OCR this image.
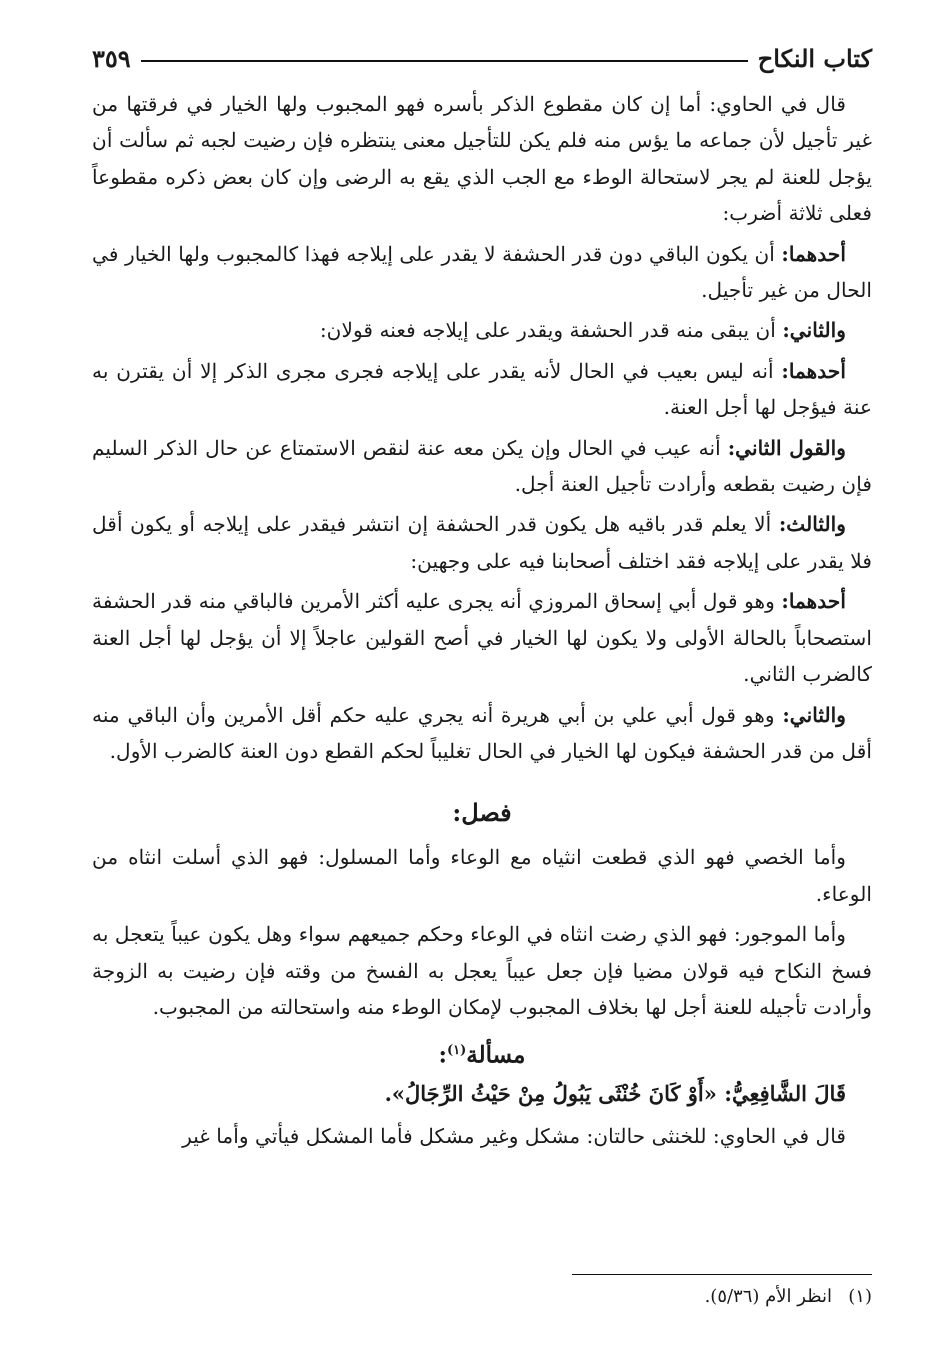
كتاب النكاح
٣٥٩

قال في الحاوي: أما إن كان مقطوع الذكر بأسره فهو المجبوب ولها الخيار في فرقتها من غير تأجيل لأن جماعه ما يؤس منه فلم يكن للتأجيل معنى ينتظره فإن رضيت لجبه ثم سألت أن يؤجل للعنة لم يجر لاستحالة الوطء مع الجب الذي يقع به الرضى وإن كان بعض ذكره مقطوعاً فعلى ثلاثة أضرب:

أحدهما: أن يكون الباقي دون قدر الحشفة لا يقدر على إيلاجه فهذا كالمجبوب ولها الخيار في الحال من غير تأجيل.

والثاني: أن يبقى منه قدر الحشفة ويقدر على إيلاجه فعنه قولان:

أحدهما: أنه ليس بعيب في الحال لأنه يقدر على إيلاجه فجرى مجرى الذكر إلا أن يقترن به عنة فيؤجل لها أجل العنة.

والقول الثاني: أنه عيب في الحال وإن يكن معه عنة لنقص الاستمتاع عن حال الذكر السليم فإن رضيت بقطعه وأرادت تأجيل العنة أجل.

والثالث: ألا يعلم قدر باقيه هل يكون قدر الحشفة إن انتشر فيقدر على إيلاجه أو يكون أقل فلا يقدر على إيلاجه فقد اختلف أصحابنا فيه على وجهين:

أحدهما: وهو قول أبي إسحاق المروزي أنه يجرى عليه أكثر الأمرين فالباقي منه قدر الحشفة استصحاباً بالحالة الأولى ولا يكون لها الخيار في أصح القولين عاجلاً إلا أن يؤجل لها أجل العنة كالضرب الثاني.

والثاني: وهو قول أبي علي بن أبي هريرة أنه يجري عليه حكم أقل الأمرين وأن الباقي منه أقل من قدر الحشفة فيكون لها الخيار في الحال تغليباً لحكم القطع دون العنة كالضرب الأول.

فصل:

وأما الخصي فهو الذي قطعت انثياه مع الوعاء وأما المسلول: فهو الذي أسلت انثاه من الوعاء.

وأما الموجور: فهو الذي رضت انثاه في الوعاء وحكم جميعهم سواء وهل يكون عيباً يتعجل به فسخ النكاح فيه قولان مضيا فإن جعل عيباً يعجل به الفسخ من وقته فإن رضيت به الزوجة وأرادت تأجيله للعنة أجل لها بخلاف المجبوب لإمكان الوطء منه واستحالته من المجبوب.

مسألة$^{(١)}$:

قَالَ الشَّافِعِيُّ: «أَوْ كَانَ خُنْثَى يَبُولُ مِنْ حَيْثُ الرِّجَالُ».

قال في الحاوي: للخنثى حالتان: مشكل وغير مشكل فأما المشكل فيأتي وأما غير

(١)انظر الأم (٥/٣٦).
